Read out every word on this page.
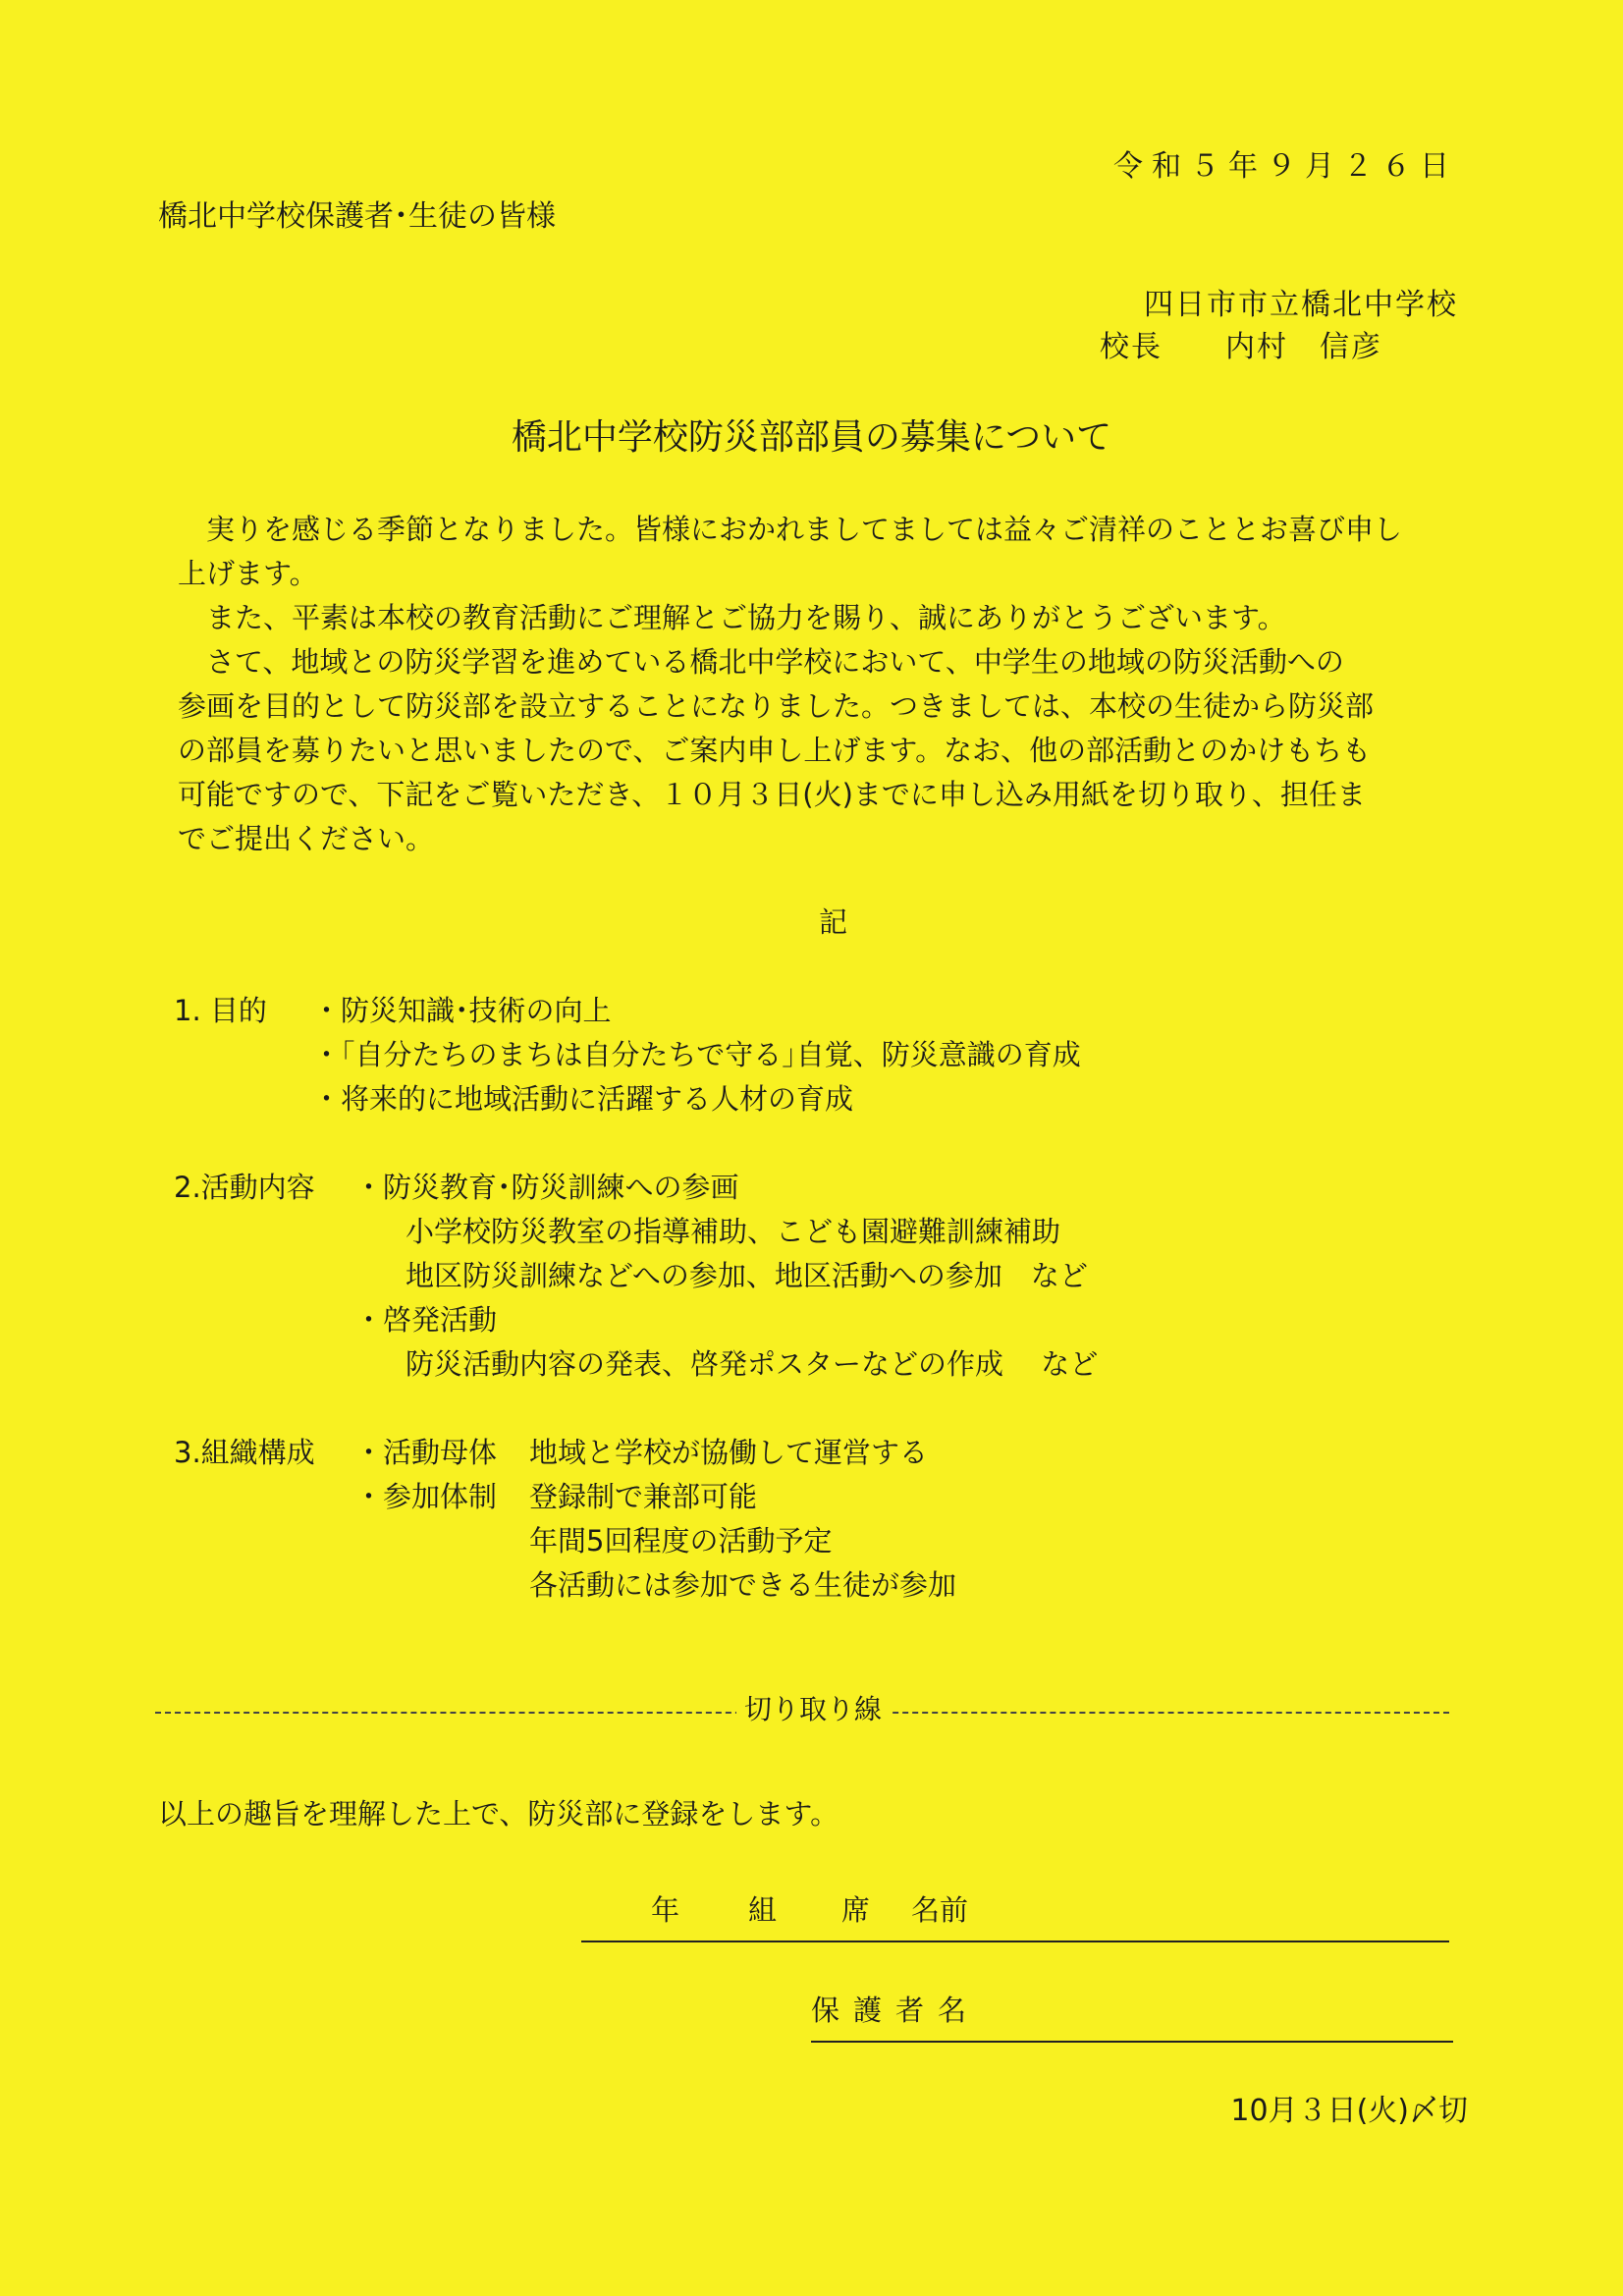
令和５年９月２６日
橋北中学校保護者･生徒の皆様
四日市市立橋北中学校
校長　　内村　信彦
橋北中学校防災部部員の募集について

　実りを感じる季節となりました。皆様におかれましてましては益々ご清祥のこととお喜び申し

上げます。

　また、平素は本校の教育活動にご理解とご協力を賜り、誠にありがとうございます。

　さて、地域との防災学習を進めている橋北中学校において、中学生の地域の防災活動への

参画を目的として防災部を設立することになりました。つきましては、本校の生徒から防災部

の部員を募りたいと思いましたので、ご案内申し上げます。なお、他の部活動とのかけもちも

可能ですので、下記をご覧いただき、１０月３日(火)までに申し込み用紙を切り取り、担任ま

でご提出ください。

記
1. 目的 ・防災知識･技術の向上
・｢自分たちのまちは自分たちで守る｣自覚、防災意識の育成
・将来的に地域活動に活躍する人材の育成
2.活動内容 ・防災教育･防災訓練への参画
小学校防災教室の指導補助、こども園避難訓練補助
地区防災訓練などへの参加、地区活動への参加　など
・啓発活動
防災活動内容の発表、啓発ポスターなどの作成　 など
3.組織構成 ・活動母体 地域と学校が協働して運営する
・参加体制 登録制で兼部可能
年間5回程度の活動予定
各活動には参加できる生徒が参加
切り取り線
以上の趣旨を理解した上で、防災部に登録をします。
年 組 席 名前
保護者名
10月３日(火)〆切
